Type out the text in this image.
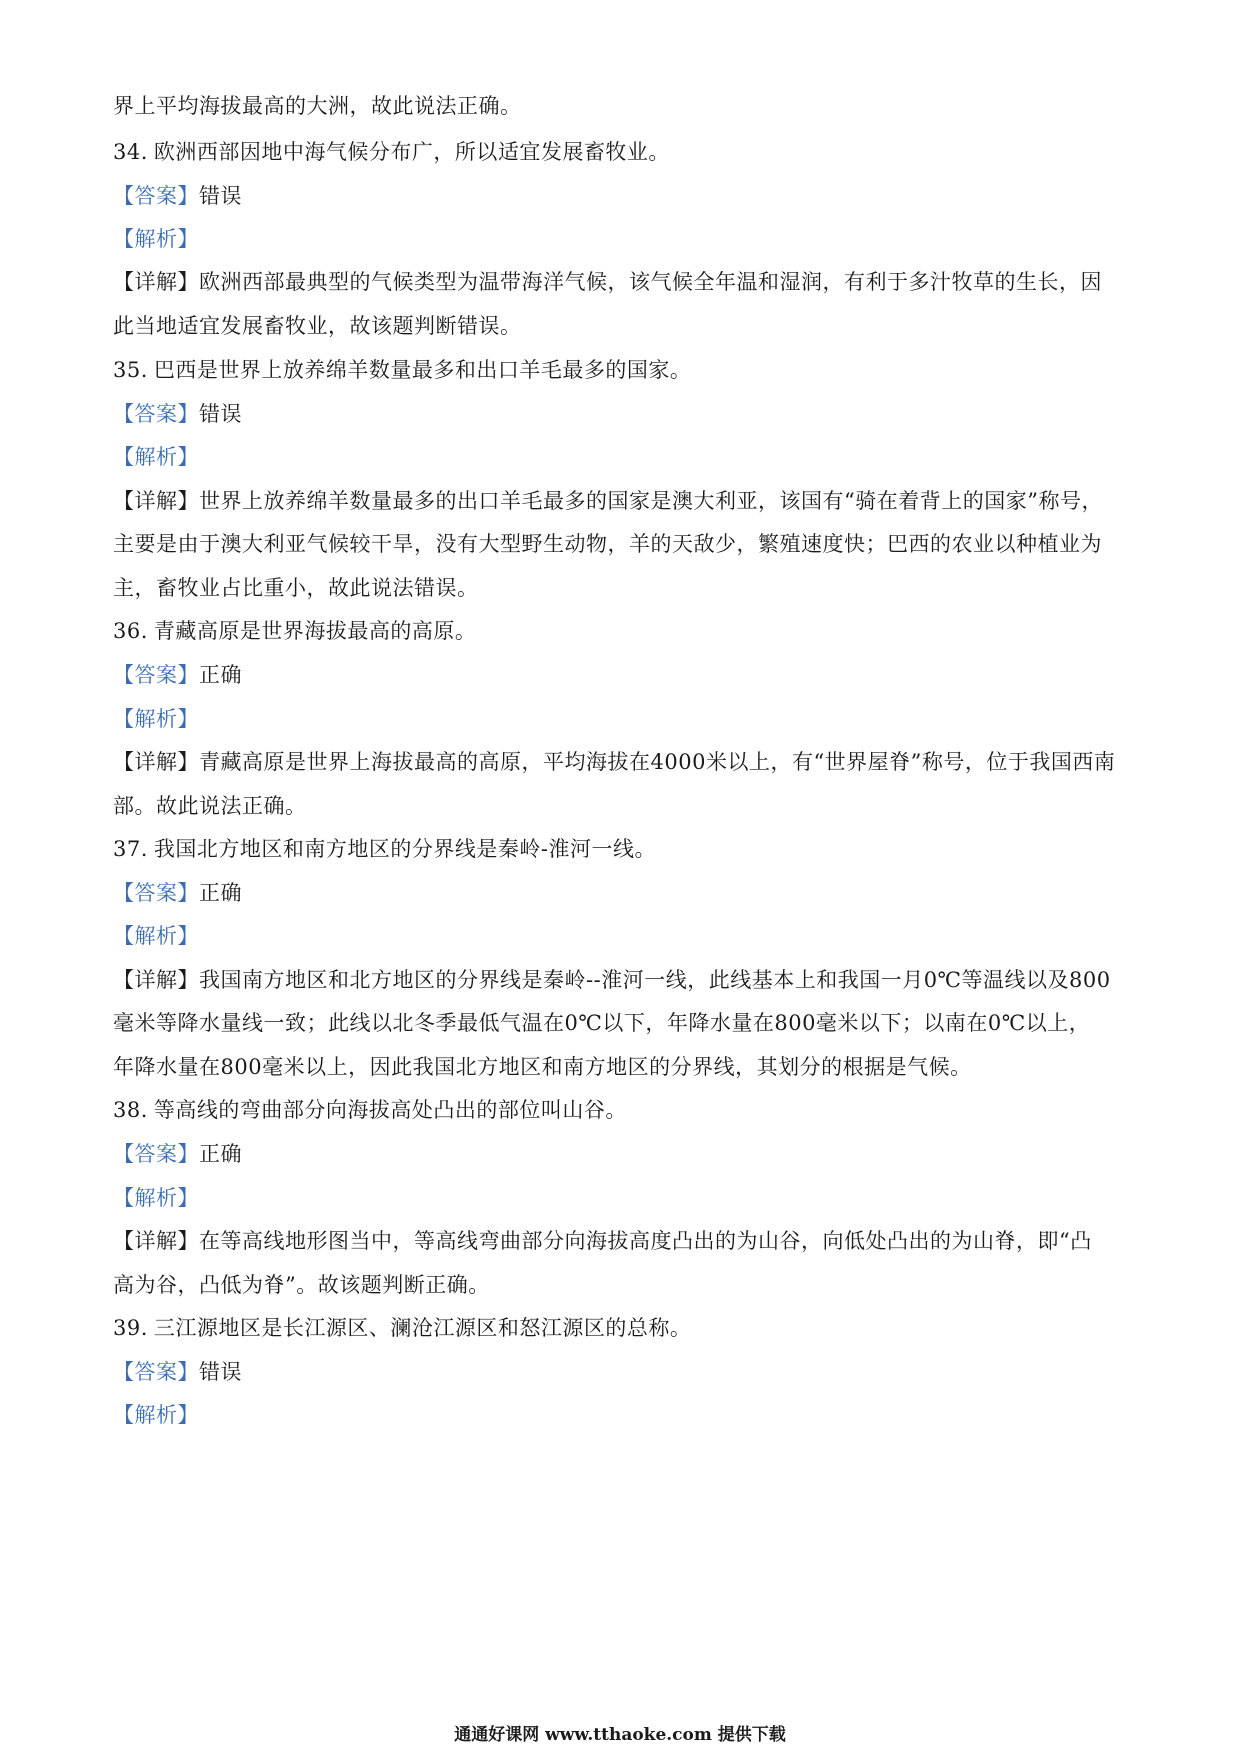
界上平均海拔最高的大洲，故此说法正确。
34. 欧洲西部因地中海气候分布广，所以适宜发展畜牧业。
【答案】错误
【解析】
【详解】欧洲西部最典型的气候类型为温带海洋气候，该气候全年温和湿润，有利于多汁牧草的生长，因
此当地适宜发展畜牧业，故该题判断错误。
35. 巴西是世界上放养绵羊数量最多和出口羊毛最多的国家。
【答案】错误
【解析】
【详解】世界上放养绵羊数量最多的出口羊毛最多的国家是澳大利亚，该国有“骑在着背上的国家”称号，
主要是由于澳大利亚气候较干旱，没有大型野生动物，羊的天敌少，繁殖速度快；巴西的农业以种植业为
主，畜牧业占比重小，故此说法错误。
36. 青藏高原是世界海拔最高的高原。
【答案】正确
【解析】
【详解】青藏高原是世界上海拔最高的高原，平均海拔在4000米以上，有“世界屋脊”称号，位于我国西南
部。故此说法正确。
37. 我国北方地区和南方地区的分界线是秦岭-淮河一线。
【答案】正确
【解析】
【详解】我国南方地区和北方地区的分界线是秦岭--淮河一线，此线基本上和我国一月0℃等温线以及800
毫米等降水量线一致；此线以北冬季最低气温在0℃以下，年降水量在800毫米以下；以南在0℃以上，
年降水量在800毫米以上，因此我国北方地区和南方地区的分界线，其划分的根据是气候。
38. 等高线的弯曲部分向海拔高处凸出的部位叫山谷。
【答案】正确
【解析】
【详解】在等高线地形图当中，等高线弯曲部分向海拔高度凸出的为山谷，向低处凸出的为山脊，即“凸
高为谷，凸低为脊”。故该题判断正确。
39. 三江源地区是长江源区、澜沧江源区和怒江源区的总称。
【答案】错误
【解析】
通通好课网 www.tthaoke.com 提供下载
